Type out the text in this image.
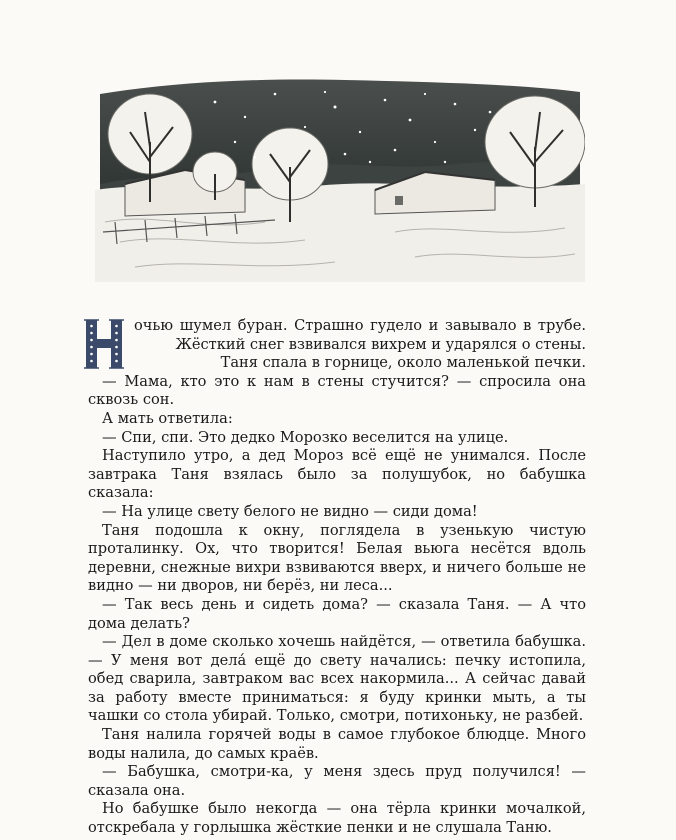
очью шумел буран. Страшно гудело и завывало в трубе.
Жёсткий снег взвивался вихрем и ударялся о стены.
Таня спала в горнице, около маленькой печки.

— Мама, кто это к нам в стены стучится? — спросила она сквозь сон.

А мать ответила:

— Спи, спи. Это дедко Морозко веселится на улице.

Наступило утро, а дед Мороз всё ещё не унимался. После завтрака Таня взялась было за полушубок, но бабушка сказала:

— На улице свету белого не видно — сиди дома!

Таня подошла к окну, поглядела в узенькую чистую проталинку. Ох, что творится! Белая вьюга несётся вдоль деревни, снежные вихри взвиваются вверх, и ничего больше не видно — ни дворов, ни берёз, ни леса...

— Так весь день и сидеть дома? — сказала Таня. — А что дома делать?

— Дел в доме сколько хочешь найдётся, — ответила бабушка. — У меня вот дела́ ещё до свету начались: печку истопила, обед сварила, завтраком вас всех накормила... А сейчас давай за работу вместе приниматься: я буду кринки мыть, а ты чашки со стола убирай. Только, смотри, потихоньку, не разбей.

Таня налила горячей воды в самое глубокое блюдце. Много воды налила, до самых краёв.

— Бабушка, смотри-ка, у меня здесь пруд получился! — сказала она.

Но бабушке было некогда — она тёрла кринки мочалкой, отскребала у горлышка жёсткие пенки и не слушала Таню.
